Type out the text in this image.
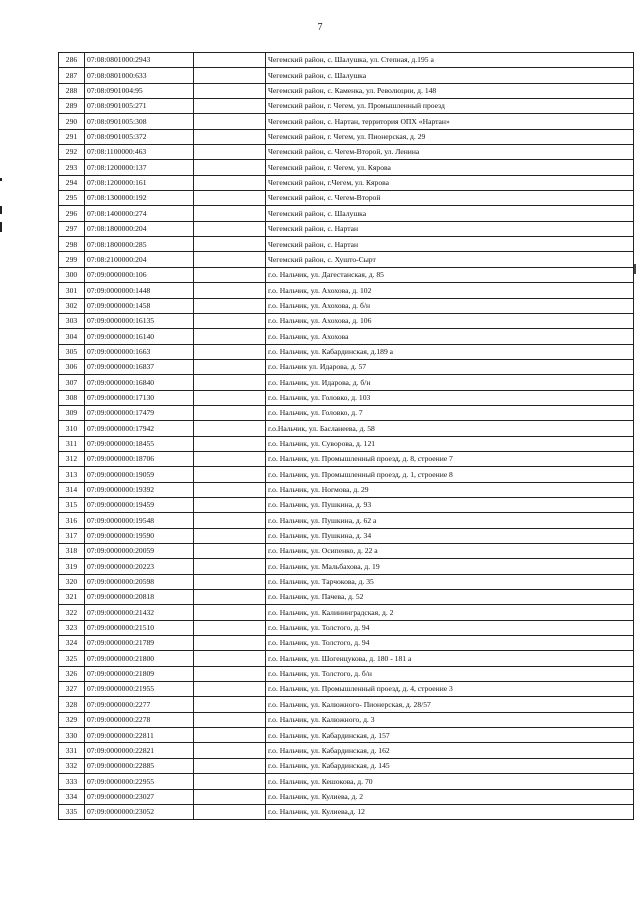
7
286	07:08:0801000:2943		Чегемский район, с. Шалушка, ул. Степная, д.195 а
287	07:08:0801000:633		Чегемский район, с. Шалушка
288	07:08:0901004:95		Чегемский район, с. Каменка, ул. Революции, д. 148
289	07:08:0901005:271		Чегемский район, г. Чегем, ул. Промышленный проезд
290	07:08:0901005:308		Чегемский район, с. Нартан, территория ОПХ «Нартан»
291	07:08:0901005:372		Чегемский район, г. Чегем, ул. Пионерская, д. 29
292	07:08:1100000:463		Чегемский район, с. Чегем-Второй, ул. Ленина
293	07:08:1200000:137		Чегемский район, г. Чегем, ул. Кярова
294	07:08:1200000:161		Чегемский район, г.Чегем, ул. Кярова
295	07:08:1300000:192		Чегемский район, с. Чегем-Второй
296	07:08:1400000:274		Чегемский район, с. Шалушка
297	07:08:1800000:204		Чегемский район, с. Нартан
298	07:08:1800000:285		Чегемский район, с. Нартан
299	07:08:2100000:204		Чегемский район, с. Хушто-Сырт
300	07:09:0000000:106		г.о. Нальчик, ул. Дагестанская, д. 85
301	07:09:0000000:1448		г.о. Нальчик, ул. Ахохова, д. 102
302	07:09:0000000:1458		г.о. Нальчик, ул. Ахохова, д. б/н
303	07:09:0000000:16135		г.о. Нальчик, ул. Ахохова, д. 106
304	07:09:0000000:16140		г.о. Нальчик, ул. Ахохова
305	07:09:0000000:1663		г.о. Нальчик, ул. Кабардинская, д.189 а
306	07:09:0000000:16837		г.о. Нальчик ул. Идарова, д. 57
307	07:09:0000000:16840		г.о. Нальчик, ул. Идарова, д. б/н
308	07:09:0000000:17130		г.о. Нальчик, ул. Головко, д. 103
309	07:09:0000000:17479		г.о. Нальчик, ул. Головко, д. 7
310	07:09:0000000:17942		г.о.Нальчик, ул. Басланеева, д. 58
311	07:09:0000000:18455		г.о. Нальчик, ул. Суворова, д. 121
312	07:09:0000000:18706		г.о. Нальчик, ул. Промышленный проезд, д. 8, строение 7
313	07:09:0000000:19059		г.о. Нальчик, ул. Промышленный проезд, д. 1, строение 8
314	07:09:0000000:19392		г.о. Нальчик, ул. Ногмова, д. 29
315	07:09:0000000:19459		г.о. Нальчик, ул. Пушкина, д. 93
316	07:09:0000000:19548		г.о. Нальчик, ул. Пушкина, д. 62 а
317	07:09:0000000:19590		г.о. Нальчик, ул. Пушкина, д. 34
318	07:09:0000000:20059		г.о. Нальчик, ул. Осипенко, д. 22 а
319	07:09:0000000:20223		г.о. Нальчик, ул. Мальбахова, д. 19
320	07:09:0000000:20598		г.о. Нальчик, ул. Тарчокова, д. 35
321	07:09:0000000:20818		г.о. Нальчик, ул. Пачева, д. 52
322	07:09:0000000:21432		г.о. Нальчик, ул. Калининградская, д. 2
323	07:09:0000000:21510		г.о. Нальчик, ул. Толстого, д. 94
324	07:09:0000000:21789		г.о. Нальчик, ул. Толстого, д. 94
325	07:09:0000000:21800		г.о. Нальчик, ул. Шогенцукова, д. 180 - 181 а
326	07:09:0000000:21809		г.о. Нальчик, ул. Толстого, д. б/н
327	07:09:0000000:21955		г.о. Нальчик, ул. Промышленный проезд, д. 4, строение 3
328	07:09:0000000:2277		г.о. Нальчик, ул. Калюжного- Пионерская, д. 28/57
329	07:09:0000000:2278		г.о. Нальчик, ул. Калюжного, д. 3
330	07:09:0000000:22811		г.о. Нальчик, ул. Кабардинская, д. 157
331	07:09:0000000:22821		г.о. Нальчик, ул. Кабардинская, д. 162
332	07:09:0000000:22885		г.о. Нальчик, ул. Кабардинская, д. 145
333	07:09:0000000:22955		г.о. Нальчик, ул. Кешокова, д. 70
334	07:09:0000000:23027		г.о. Нальчик, ул. Кулиева, д. 2
335	07:09:0000000:23052		г.о. Нальчик, ул. Кулиева,д. 12
